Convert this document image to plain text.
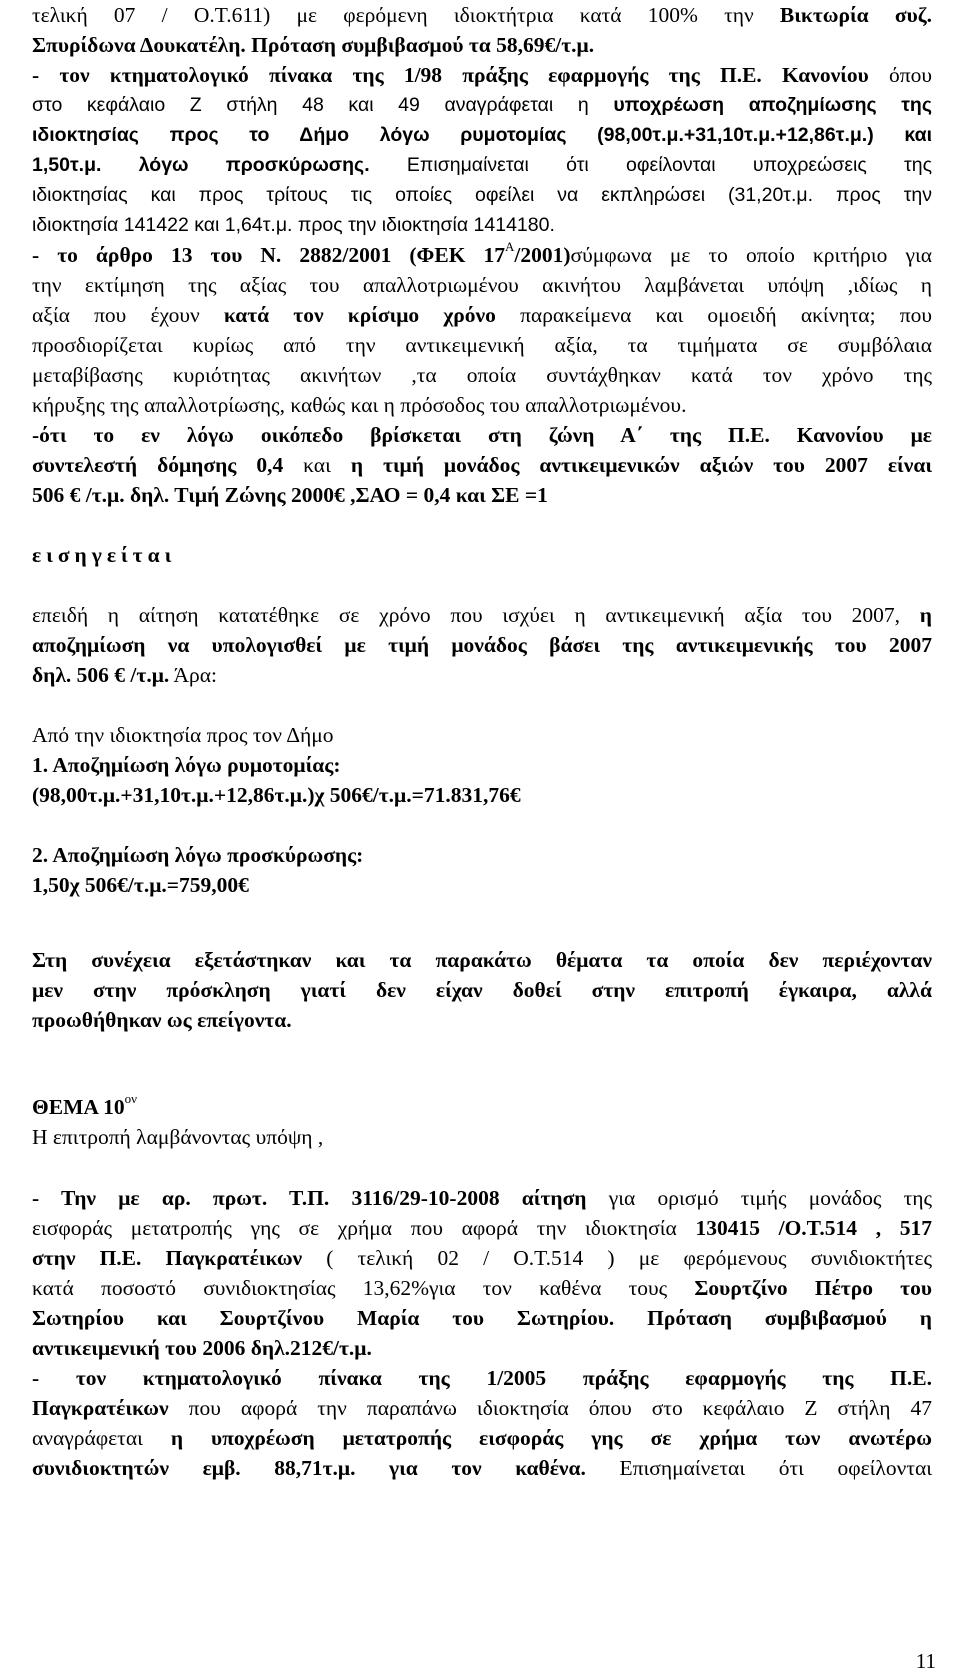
τελική 07 / Ο.Τ.611) με φερόμενη ιδιοκτήτρια κατά 100% την Βικτωρία συζ.
Σπυρίδωνα Δουκατέλη. Πρόταση συμβιβασμού τα 58,69€/τ.μ.
- τον κτηματολογικό πίνακα της 1/98 πράξης εφαρμογής της Π.Ε. Κανονίου όπου
στο κεφάλαιο Ζ στήλη 48 και 49 αναγράφεται η υποχρέωση αποζημίωσης της
ιδιοκτησίας προς το Δήμο λόγω ρυμοτομίας (98,00τ.μ.+31,10τ.μ.+12,86τ.μ.) και
1,50τ.μ. λόγω προσκύρωσης. Επισημαίνεται ότι οφείλονται υποχρεώσεις της
ιδιοκτησίας και προς τρίτους τις οποίες οφείλει να εκπληρώσει (31,20τ.μ. προς την
ιδιοκτησία 141422 και 1,64τ.μ. προς την ιδιοκτησία 1414180.
- το άρθρο 13 του Ν. 2882/2001 (ΦΕΚ $17^A/2001)\sigma ύ\mu\varphi\omega\nu\alpha$ με το οποίο κριτήριο για
την εκτίμηση της αξίας του απαλλοτριωμένου ακινήτου λαμβάνεται υπόψη ,ιδίως η
αξία που έχουν κατά τον κρίσιμο χρόνο παρακείμενα και ομοειδή ακίνητα; που
προσδιορίζεται κυρίως από την αντικειμενική αξία, τα τιμήματα σε συμβόλαια
μεταβίβασης κυριότητας ακινήτων ,τα οποία συντάχθηκαν κατά τον χρόνο της
κήρυξης της απαλλοτρίωσης, καθώς και η πρόσοδος του απαλλοτριωμένου.
-ότι το εν λόγω οικόπεδο βρίσκεται στη ζώνη Α΄ της Π.Ε. Κανονίου με
συντελεστή δόμησης 0,4 και η τιμή μονάδος αντικειμενικών αξιών του 2007 είναι
506 € /τ.μ. δηλ. Τιμή Ζώνης 2000€ ,ΣΑΟ = 0,4 και ΣΕ =1
εισηγείται
επειδή η αίτηση κατατέθηκε σε χρόνο που ισχύει η αντικειμενική αξία του 2007, η
αποζημίωση να υπολογισθεί με τιμή μονάδος βάσει της αντικειμενικής του 2007
δηλ. 506 € /τ.μ. Άρα:
Από την ιδιοκτησία προς τον Δήμο
1. Αποζημίωση λόγω ρυμοτομίας:
(98,00τ.μ.+31,10τ.μ.+12,86τ.μ.)χ 506€/τ.μ.=71.831,76€
2. Αποζημίωση λόγω προσκύρωσης:
1,50χ 506€/τ.μ.=759,00€
Στη συνέχεια εξετάστηκαν και τα παρακάτω θέματα τα οποία δεν περιέχονταν
μεν στην πρόσκληση γιατί δεν είχαν δοθεί στην επιτροπή έγκαιρα, αλλά
προωθήθηκαν ως επείγοντα.
ΘΕΜΑ $10^{o\nu}$
Η επιτροπή λαμβάνοντας υπόψη ,
- Την με αρ. πρωτ. Τ.Π. 3116/29-10-2008 αίτηση για ορισμό τιμής μονάδος της
εισφοράς μετατροπής γης σε χρήμα που αφορά την ιδιοκτησία 130415 /Ο.Τ.514 , 517
στην Π.Ε. Παγκρατέικων ( τελική 02 / Ο.Τ.514 ) με φερόμενους συνιδιοκτήτες
κατά ποσοστό συνιδιοκτησίας 13,62%για τον καθένα τους Σουρτζίνο Πέτρο του
Σωτηρίου και Σουρτζίνου Μαρία του Σωτηρίου. Πρόταση συμβιβασμού η
αντικειμενική του 2006 δηλ.212€/τ.μ.
- τον κτηματολογικό πίνακα της 1/2005 πράξης εφαρμογής της Π.Ε.
Παγκρατέικων που αφορά την παραπάνω ιδιοκτησία όπου στο κεφάλαιο Ζ στήλη 47
αναγράφεται η υποχρέωση μετατροπής εισφοράς γης σε χρήμα των ανωτέρω
συνιδιοκτητών εμβ. 88,71τ.μ. για τον καθένα. Επισημαίνεται ότι οφείλονται
11
